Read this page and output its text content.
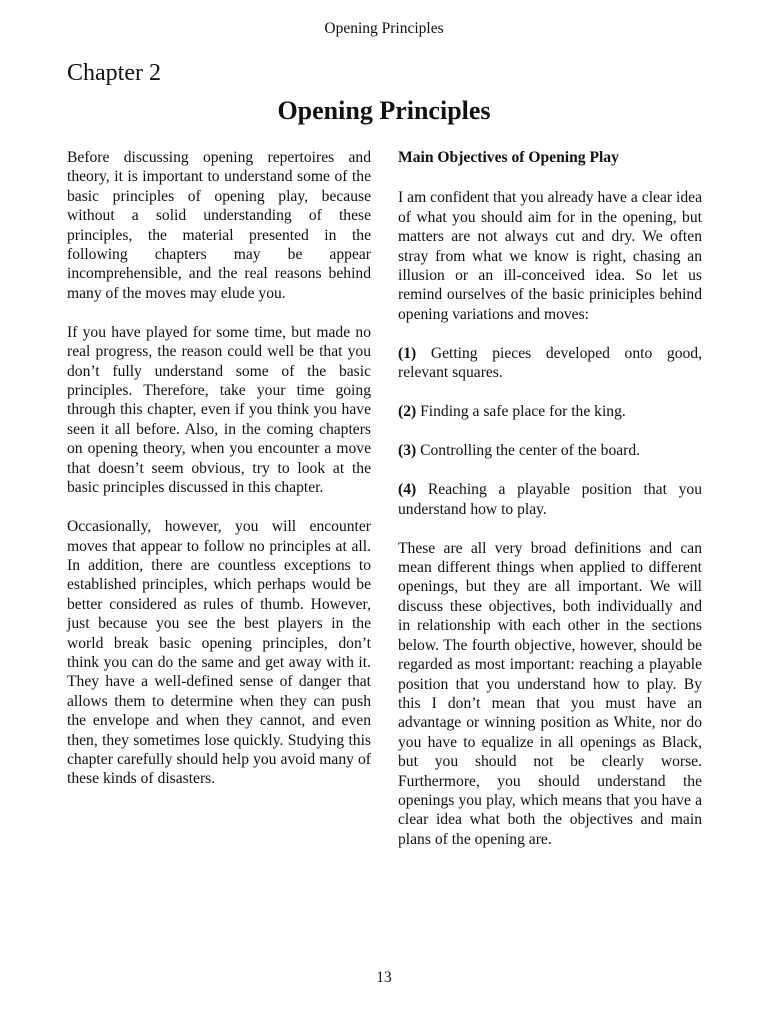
Opening Principles
Chapter 2
Opening Principles

Before discussing opening repertoires and theory, it is important to understand some of the basic principles of opening play, because without a solid understanding of these principles, the material presented in the following chapters may be appear incomprehensible, and the real reasons behind many of the moves may elude you.

If you have played for some time, but made no real progress, the reason could well be that you don’t fully understand some of the basic principles. Therefore, take your time going through this chapter, even if you think you have seen it all before. Also, in the coming chapters on opening theory, when you encounter a move that doesn’t seem obvious, try to look at the basic principles discussed in this chapter.

Occasionally, however, you will encounter moves that appear to follow no principles at all. In addition, there are countless exceptions to established principles, which perhaps would be better considered as rules of thumb. However, just because you see the best players in the world break basic opening principles, don’t think you can do the same and get away with it. They have a well-defined sense of danger that allows them to determine when they can push the envelope and when they cannot, and even then, they sometimes lose quickly. Studying this chapter carefully should help you avoid many of these kinds of disasters.

Main Objectives of Opening Play

I am confident that you already have a clear idea of what you should aim for in the opening, but matters are not always cut and dry. We often stray from what we know is right, chasing an illusion or an ill-conceived idea. So let us remind ourselves of the basic priniciples behind opening variations and moves:

(1) Getting pieces developed onto good, relevant squares.

(2) Finding a safe place for the king.

(3) Controlling the center of the board.

(4) Reaching a playable position that you understand how to play.

These are all very broad definitions and can mean different things when applied to different openings, but they are all important. We will discuss these objectives, both individually and in relationship with each other in the sections below. The fourth objective, however, should be regarded as most important: reaching a playable position that you understand how to play. By this I don’t mean that you must have an advantage or winning position as White, nor do you have to equalize in all openings as Black, but you should not be clearly worse. Furthermore, you should understand the openings you play, which means that you have a clear idea what both the objectives and main plans of the opening are.

13
